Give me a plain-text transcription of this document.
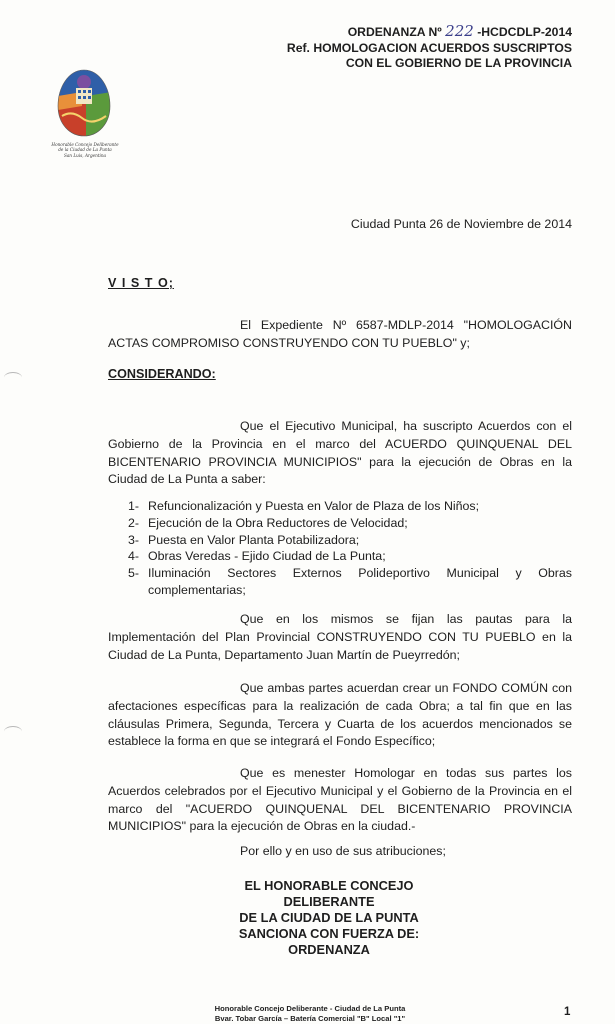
ORDENANZA Nº 222 -HCDCDLP-2014
Ref. HOMOLOGACION ACUERDOS SUSCRIPTOS
CON EL GOBIERNO DE LA PROVINCIA
Honorable Concejo Deliberante
de la Ciudad de La Punta
San Luis, Argentina
Ciudad Punta 26 de Noviembre de 2014
V I S T O;
El Expediente Nº 6587-MDLP-2014 "HOMOLOGACIÓN ACTAS COMPROMISO CONSTRUYENDO CON TU PUEBLO" y;
CONSIDERANDO:
Que el Ejecutivo Municipal, ha suscripto Acuerdos con el Gobierno de la Provincia en el marco del ACUERDO QUINQUENAL DEL BICENTENARIO PROVINCIA MUNICIPIOS" para la ejecución de Obras en la Ciudad de La Punta a saber:
1- Refuncionalización y Puesta en Valor de Plaza de los Niños;
2- Ejecución de la Obra Reductores de Velocidad;
3- Puesta en Valor Planta Potabilizadora;
4- Obras Veredas - Ejido Ciudad de La Punta;
5- Iluminación Sectores Externos Polideportivo Municipal y Obras complementarias;
Que en los mismos se fijan las pautas para la Implementación del Plan Provincial CONSTRUYENDO CON TU PUEBLO en la Ciudad de La Punta, Departamento Juan Martín de Pueyrredón;
Que ambas partes acuerdan crear un FONDO COMÚN con afectaciones específicas para la realización de cada Obra; a tal fin que en las cláusulas Primera, Segunda, Tercera y Cuarta de los acuerdos mencionados se establece la forma en que se integrará el Fondo Específico;
Que es menester Homologar en todas sus partes los Acuerdos celebrados por el Ejecutivo Municipal y el Gobierno de la Provincia en el marco del "ACUERDO QUINQUENAL DEL BICENTENARIO PROVINCIA MUNICIPIOS" para la ejecución de Obras en la ciudad.-
Por ello y en uso de sus atribuciones;
EL HONORABLE CONCEJO DELIBERANTE
DE LA CIUDAD DE LA PUNTA
SANCIONA CON FUERZA DE:
ORDENANZA
Honorable Concejo Deliberante - Ciudad de La Punta
Bvar. Tobar García – Batería Comercial "B" Local "1"
1
